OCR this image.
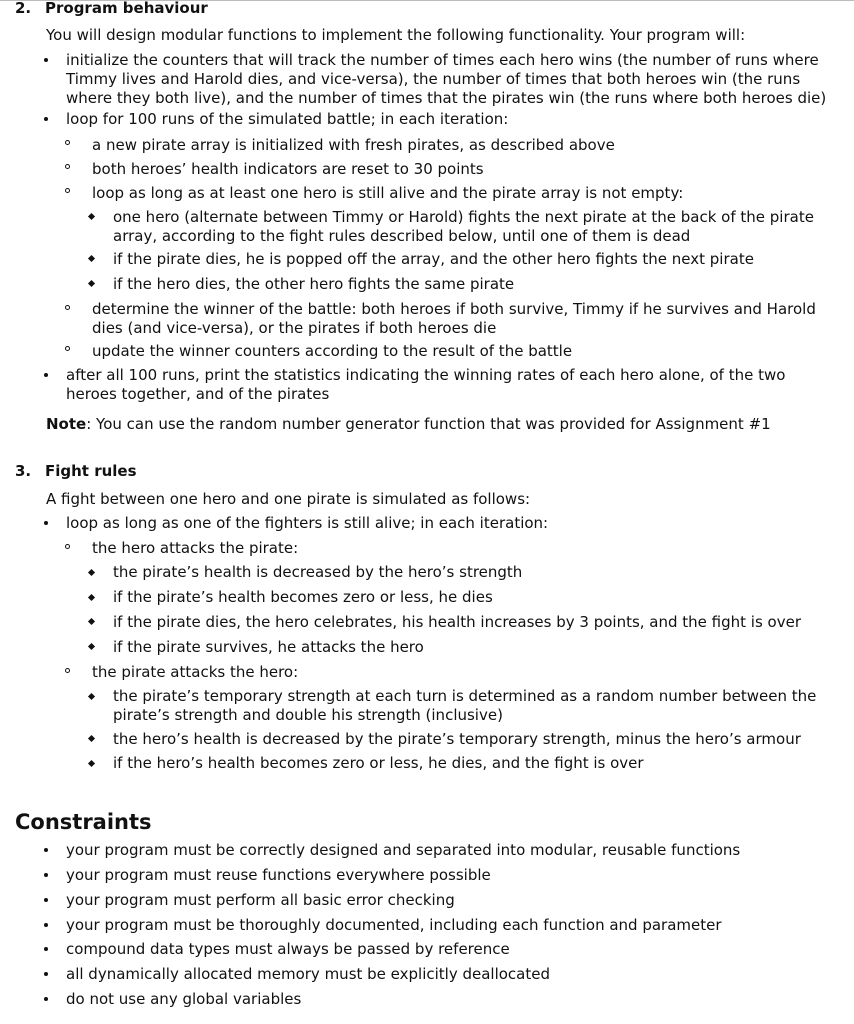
2. Program behaviour
You will design modular functions to implement the following functionality. Your program will:
initialize the counters that will track the number of times each hero wins (the number of runs where Timmy lives and Harold dies, and vice-versa), the number of times that both heroes win (the runs where they both live), and the number of times that the pirates win (the runs where both heroes die)
loop for 100 runs of the simulated battle; in each iteration:
a new pirate array is initialized with fresh pirates, as described above
both heroes’ health indicators are reset to 30 points
loop as long as at least one hero is still alive and the pirate array is not empty:
one hero (alternate between Timmy or Harold) fights the next pirate at the back of the pirate array, according to the fight rules described below, until one of them is dead
if the pirate dies, he is popped off the array, and the other hero fights the next pirate
if the hero dies, the other hero fights the same pirate
determine the winner of the battle: both heroes if both survive, Timmy if he survives and Harold dies (and vice-versa), or the pirates if both heroes die
update the winner counters according to the result of the battle
after all 100 runs, print the statistics indicating the winning rates of each hero alone, of the two heroes together, and of the pirates
Note: You can use the random number generator function that was provided for Assignment #1
3. Fight rules
A fight between one hero and one pirate is simulated as follows:
loop as long as one of the fighters is still alive; in each iteration:
the hero attacks the pirate:
the pirate’s health is decreased by the hero’s strength
if the pirate’s health becomes zero or less, he dies
if the pirate dies, the hero celebrates, his health increases by 3 points, and the fight is over
if the pirate survives, he attacks the hero
the pirate attacks the hero:
the pirate’s temporary strength at each turn is determined as a random number between the pirate’s strength and double his strength (inclusive)
the hero’s health is decreased by the pirate’s temporary strength, minus the hero’s armour
if the hero’s health becomes zero or less, he dies, and the fight is over
Constraints
your program must be correctly designed and separated into modular, reusable functions
your program must reuse functions everywhere possible
your program must perform all basic error checking
your program must be thoroughly documented, including each function and parameter
compound data types must always be passed by reference
all dynamically allocated memory must be explicitly deallocated
do not use any global variables
